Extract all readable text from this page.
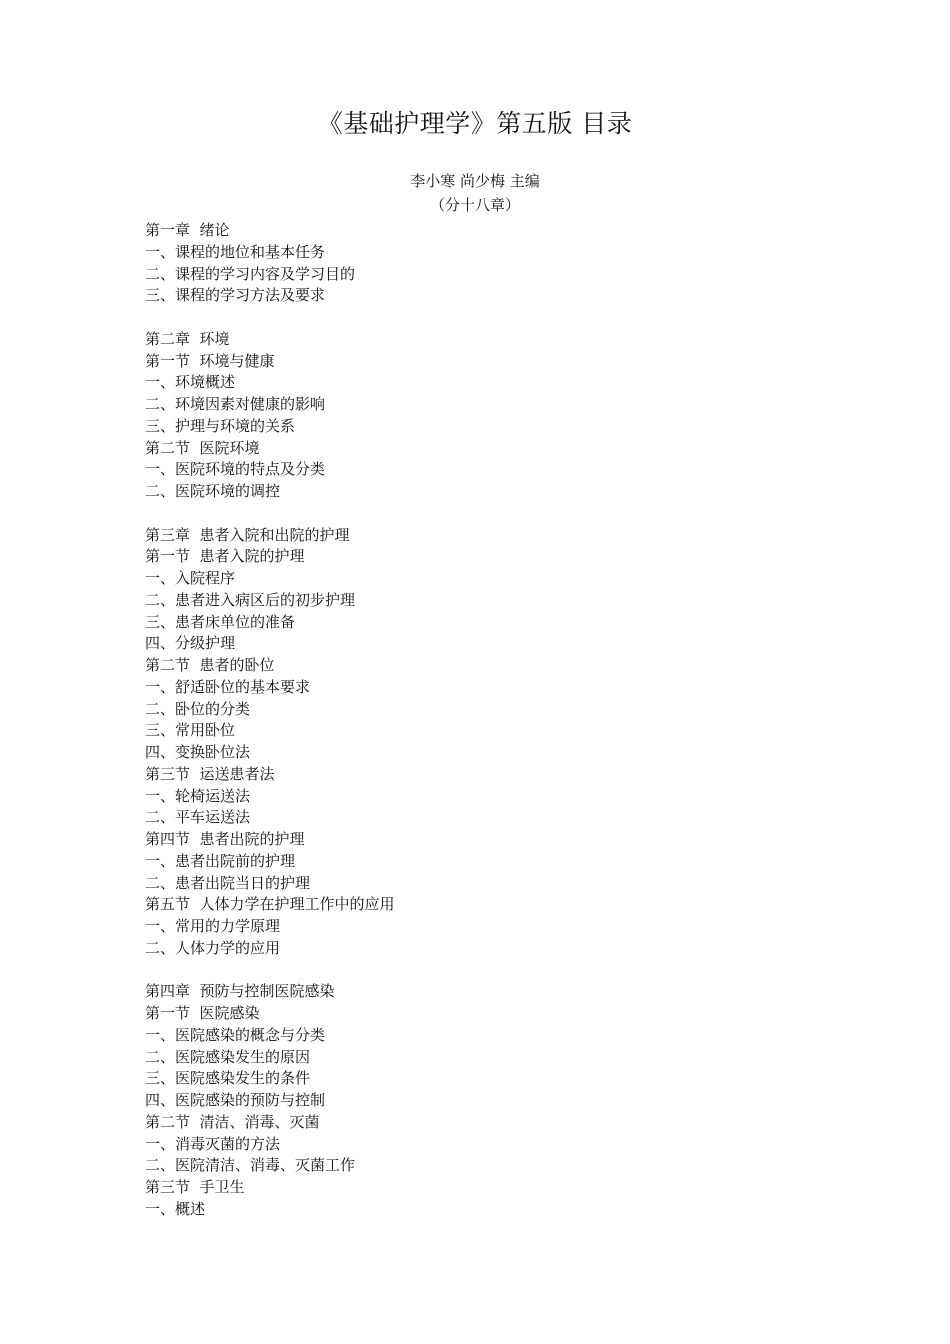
《基础护理学》第五版 目录
李小寒 尚少梅 主编
（分十八章）
第一章  绪论
一、课程的地位和基本任务
二、课程的学习内容及学习目的
三、课程的学习方法及要求
第二章  环境
第一节  环境与健康
一、环境概述
二、环境因素对健康的影响
三、护理与环境的关系
第二节  医院环境
一、医院环境的特点及分类
二、医院环境的调控
第三章  患者入院和出院的护理
第一节  患者入院的护理
一、入院程序
二、患者进入病区后的初步护理
三、患者床单位的准备
四、分级护理
第二节  患者的卧位
一、舒适卧位的基本要求
二、卧位的分类
三、常用卧位
四、变换卧位法
第三节  运送患者法
一、轮椅运送法
二、平车运送法
第四节  患者出院的护理
一、患者出院前的护理
二、患者出院当日的护理
第五节  人体力学在护理工作中的应用
一、常用的力学原理
二、人体力学的应用
第四章  预防与控制医院感染
第一节  医院感染
一、医院感染的概念与分类
二、医院感染发生的原因
三、医院感染发生的条件
四、医院感染的预防与控制
第二节  清洁、消毒、灭菌
一、消毒灭菌的方法
二、医院清洁、消毒、灭菌工作
第三节  手卫生
一、概述
